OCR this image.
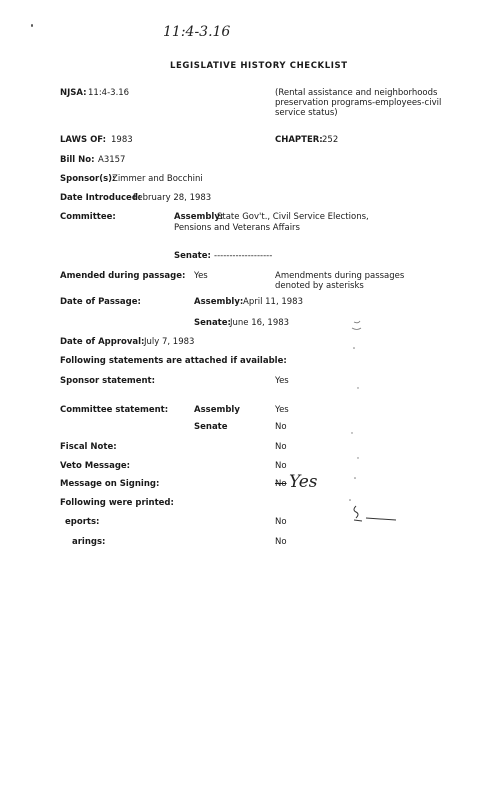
11:4-3.16
LEGISLATIVE HISTORY CHECKLIST
NJSA: 11:4-3.16	(Rental assistance and neighborhoods
preservation programs-employees-civil
service status)
LAWS OF: 1983	CHAPTER: 252
Bill No: A3157
Sponsor(s):
Zimmer and Bocchini
Date Introduced:
February 28, 1983
Committee:	Assembly:
State Gov't., Civil Service Elections,
Pensions and Veterans Affairs
Senate: -------------------
Amended during passage: Yes	Amendments during passages
denoted by asterisks
Date of Passage:	Assembly: April 11, 1983
Senate: June 16, 1983
Date of Approval: July 7, 1983
Following statements are attached if available:
Sponsor statement:	Yes
Committee statement:	Assembly	Yes
Senate	No
Fiscal Note:	No
Veto Message:	No
Message on Signing:	No Yes
Following were printed:
eports:	No
arings:	No
